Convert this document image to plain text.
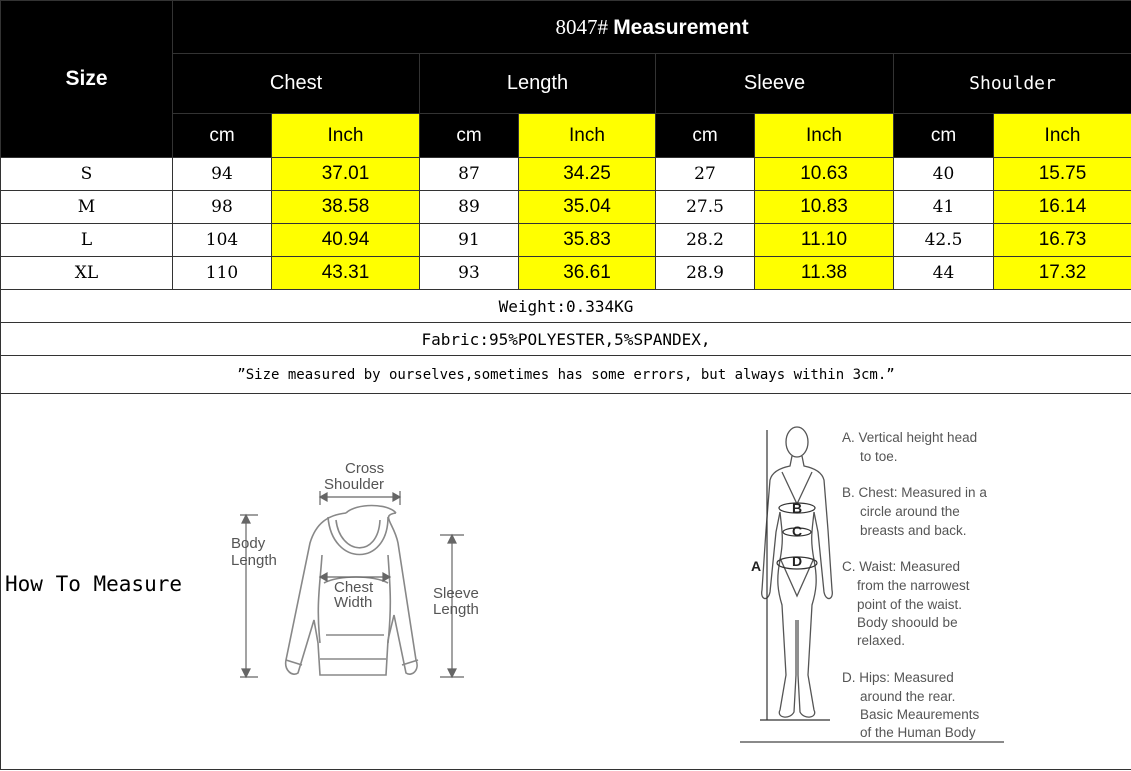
Size	8047# Measurement							
	Chest		Length		Sleeve		Shoulder	
	cm	Inch	cm	Inch	cm	Inch	cm	Inch
S	94	37.01	87	34.25	27	10.63	40	15.75
M	98	38.58	89	35.04	27.5	10.83	41	16.14
L	104	40.94	91	35.83	28.2	11.10	42.5	16.73
XL	110	43.31	93	36.61	28.9	11.38	44	17.32
Weight:0.334KG								
Fabric:95%POLYESTER,5%SPANDEX,								
”Size measured by ourselves,sometimes has some errors, but always within 3cm.”								

How To Measure
Cross
Shoulder
Body
Length
Chest
Width
Sleeve
Length
B
C
D
A
A. Vertical height head
to toe.
B. Chest: Measured in a
circle around the
breasts and back.
C. Waist: Measured
from the narrowest
point of the waist.
Body shoould be
relaxed.
D. Hips: Measured
around the rear.
Basic Meaurements
of the Human Body
